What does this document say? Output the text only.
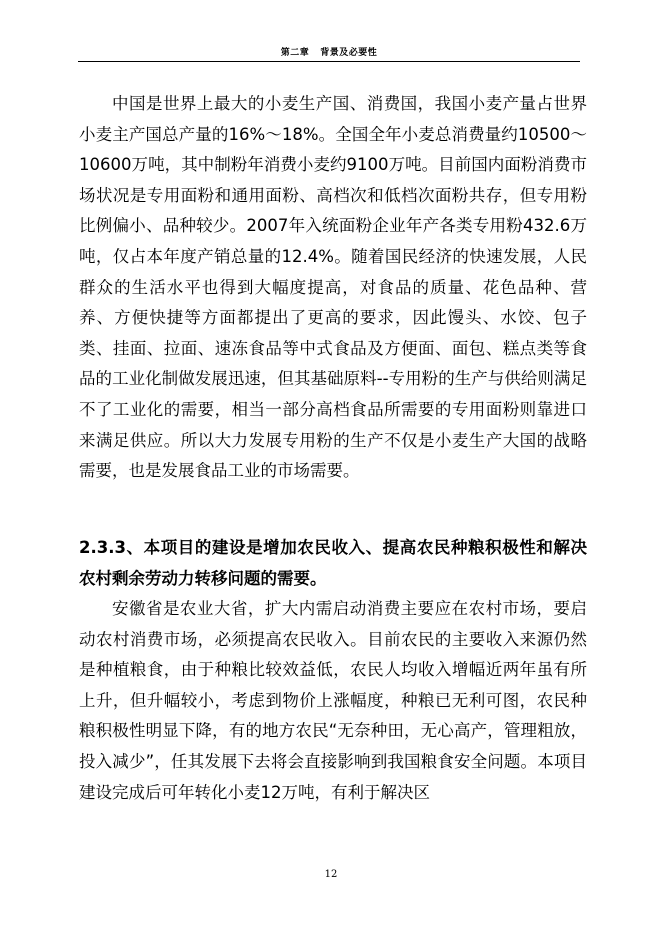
第二章 背景及必要性

中国是世界上最大的小麦生产国、消费国，我国小麦产量占世界小麦主产国总产量的16%～18%。全国全年小麦总消费量约10500～10600万吨，其中制粉年消费小麦约9100万吨。目前国内面粉消费市场状况是专用面粉和通用面粉、高档次和低档次面粉共存，但专用粉比例偏小、品种较少。2007年入统面粉企业年产各类专用粉432.6万吨，仅占本年度产销总量的12.4%。随着国民经济的快速发展，人民群众的生活水平也得到大幅度提高，对食品的质量、花色品种、营养、方便快捷等方面都提出了更高的要求，因此馒头、水饺、包子类、挂面、拉面、速冻食品等中式食品及方便面、面包、糕点类等食品的工业化制做发展迅速，但其基础原料--专用粉的生产与供给则满足不了工业化的需要，相当一部分高档食品所需要的专用面粉则靠进口来满足供应。所以大力发展专用粉的生产不仅是小麦生产大国的战略需要，也是发展食品工业的市场需要。

2.3.3、本项目的建设是增加农民收入、提高农民种粮积极性和解决农村剩余劳动力转移问题的需要。

安徽省是农业大省，扩大内需启动消费主要应在农村市场，要启动农村消费市场，必须提高农民收入。目前农民的主要收入来源仍然是种植粮食，由于种粮比较效益低，农民人均收入增幅近两年虽有所上升，但升幅较小，考虑到物价上涨幅度，种粮已无利可图，农民种粮积极性明显下降，有的地方农民“无奈种田，无心高产，管理粗放，投入减少”，任其发展下去将会直接影响到我国粮食安全问题。本项目建设完成后可年转化小麦12万吨，有利于解决区

12
